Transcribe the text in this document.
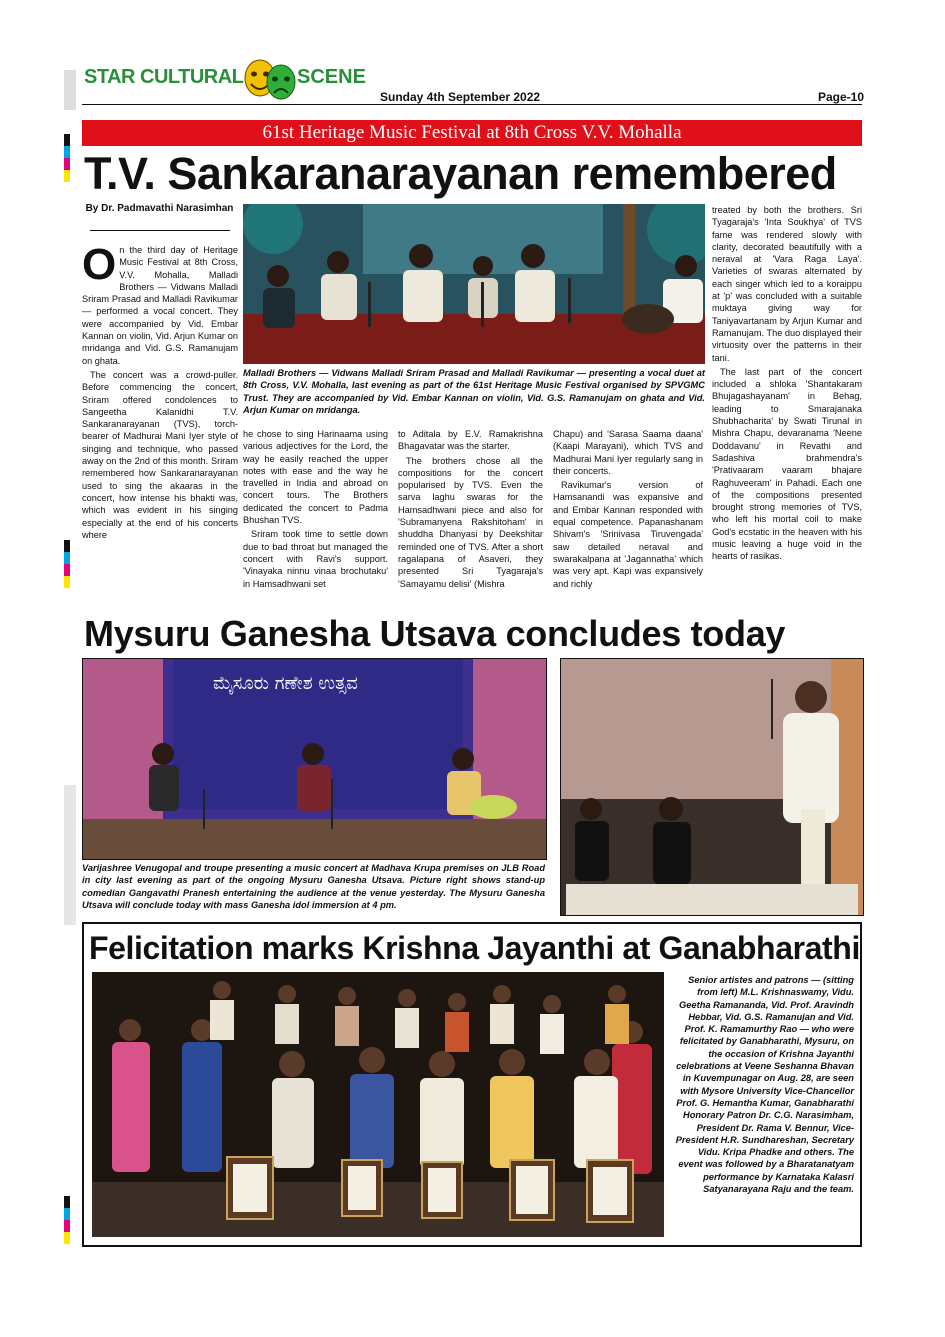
STAR CULTURAL	SCENE
Sunday 4th September 2022	Page-10
61st Heritage Music Festival at 8th Cross V.V. Mohalla
T.V. Sankaranarayanan remembered
By Dr. Padmavathi Narasimhan

On the third day of Heritage Music Festival at 8th Cross, V.V. Mohalla, Malladi Brothers — Vidwans Malladi Sriram Prasad and Malladi Ravikumar — performed a vocal concert. They were accompanied by Vid. Embar Kannan on violin, Vid. Arjun Kumar on mridanga and Vid. G.S. Ramanujam on ghata.

The concert was a crowd-puller. Before commencing the concert, Sriram offered condolences to Sangeetha Kalanidhi T.V. Sankaranarayanan (TVS), torch-bearer of Madhurai Mani Iyer style of singing and technique, who passed away on the 2nd of this month. Sriram remembered how Sankaranarayanan used to sing the akaaras in the concert, how intense his bhakti was, which was evident in his singing especially at the end of his concerts where

Malladi Brothers — Vidwans Malladi Sriram Prasad and Malladi Ravikumar — presenting a vocal duet at 8th Cross, V.V. Mohalla, last evening as part of the 61st Heritage Music Festival organised by SPVGMC Trust. They are accompanied by Vid. Embar Kannan on violin, Vid. G.S. Ramanujam on ghata and Vid. Arjun Kumar on mridanga.

he chose to sing Harinaama using various adjectives for the Lord, the way he easily reached the upper notes with ease and the way he travelled in India and abroad on concert tours. The Brothers dedicated the concert to Padma Bhushan TVS.

Sriram took time to settle down due to bad throat but managed the concert with Ravi's support. 'Vinayaka ninnu vinaa brochutaku' in Hamsadhwani set

to Aditala by E.V. Ramakrishna Bhagavatar was the starter.

The brothers chose all the compositions for the concert popularised by TVS. Even the sarva laghu swaras for the Hamsadhwani piece and also for 'Subramanyena Rakshitoham' in shuddha Dhanyasi by Deekshitar reminded one of TVS. After a short ragalapana of Asaveri, they presented Sri Tyagaraja's 'Samayamu delisi' (Mishra

Chapu) and 'Sarasa Saama daana' (Kaapi Marayani), which TVS and Madhurai Mani Iyer regularly sang in their concerts.

Ravikumar's version of Hamsanandi was expansive and and Embar Kannan responded with equal competence. Papanashanam Shivam's 'Srinivasa Tiruvengada' saw detailed neraval and swarakalpana at 'Jagannatha' which was very apt. Kapi was expansively and richly

treated by both the brothers. Sri Tyagaraja's 'Inta Soukhya' of TVS fame was rendered slowly with clarity, decorated beautifully with a neraval at 'Vara Raga Laya'. Varieties of swaras alternated by each singer which led to a koraippu at 'p' was concluded with a suitable muktaya giving way for Taniyavartanam by Arjun Kumar and Ramanujam. The duo displayed their virtuosity over the patterns in their tani.

The last part of the concert included a shloka 'Shantakaram Bhujagashayanam' in Behag, leading to Smarajanaka Shubhacharita' by Swati Tirunal in Mishra Chapu, devaranama 'Neene Doddavanu' in Revathi and Sadashiva brahmendra's 'Prativaaram vaaram bhajare Raghuveeram' in Pahadi. Each one of the compositions presented brought strong memories of TVS, who left his mortal coil to make God's ecstatic in the heaven with his music leaving a huge void in the hearts of rasikas.

Mysuru Ganesha Utsava concludes today
ಮೈಸೂರು ಗಣೇಶ ಉತ್ಸವ
Varijashree Venugopal and troupe presenting a music concert at Madhava Krupa premises on JLB Road in city last evening as part of the ongoing Mysuru Ganesha Utsava. Picture right shows stand-up comedian Gangavathi Pranesh entertaining the audience at the venue yesterday. The Mysuru Ganesha Utsava will conclude today with mass Ganesha idol immersion at 4 pm.
Felicitation marks Krishna Jayanthi at Ganabharathi
Senior artistes and patrons — (sitting from left) M.L. Krishnaswamy, Vidu. Geetha Ramananda, Vid. Prof. Aravindh Hebbar, Vid. G.S. Ramanujan and Vid. Prof. K. Ramamurthy Rao — who were felicitated by Ganabharathi, Mysuru, on the occasion of Krishna Jayanthi celebrations at Veene Seshanna Bhavan in Kuvempunagar on Aug. 28, are seen with Mysore University Vice-Chancellor Prof. G. Hemantha Kumar, Ganabharathi Honorary Patron Dr. C.G. Narasimham, President Dr. Rama V. Bennur, Vice-President H.R. Sundhareshan, Secretary Vidu. Kripa Phadke and others. The event was followed by a Bharatanatyam performance by Karnataka Kalasri Satyanarayana Raju and the team.
